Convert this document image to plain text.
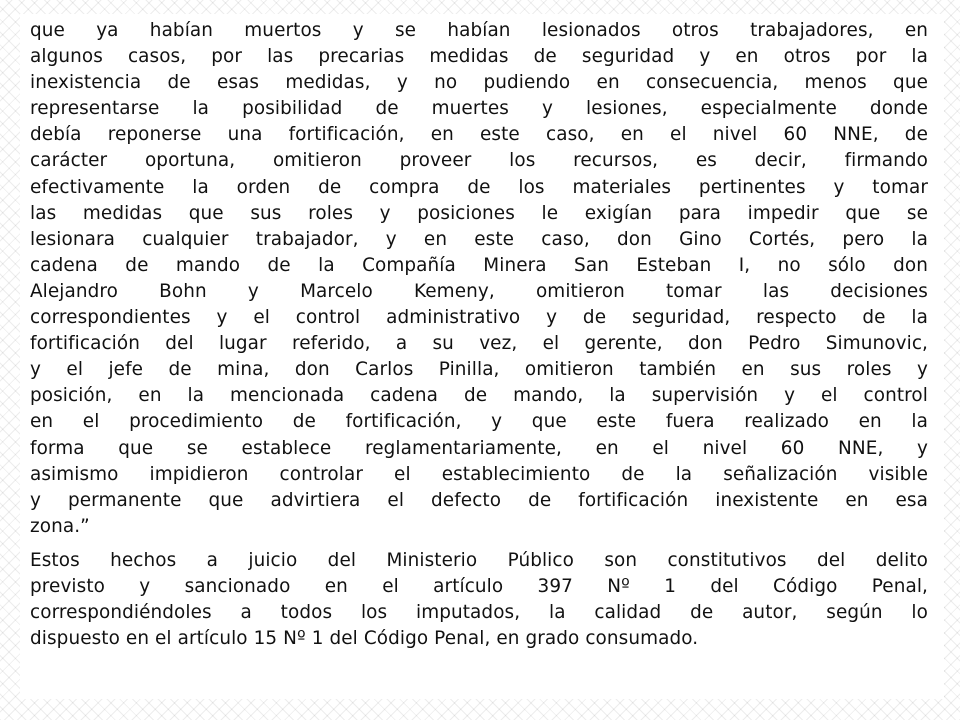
que ya habían muertos y se habían lesionados otros trabajadores, en
algunos casos, por las precarias medidas de seguridad y en otros por la
inexistencia de esas medidas, y no pudiendo en consecuencia, menos que
representarse la posibilidad de muertes y lesiones, especialmente donde
debía reponerse una fortificación, en este caso, en el nivel 60 NNE, de
carácter oportuna, omitieron proveer los recursos, es decir, firmando
efectivamente la orden de compra de los materiales pertinentes y tomar
las medidas que sus roles y posiciones le exigían para impedir que se
lesionara cualquier trabajador, y en este caso, don Gino Cortés, pero la
cadena de mando de la Compañía Minera San Esteban I, no sólo don
Alejandro Bohn y Marcelo Kemeny, omitieron tomar las decisiones
correspondientes y el control administrativo y de seguridad, respecto de la
fortificación del lugar referido, a su vez, el gerente, don Pedro Simunovic,
y el jefe de mina, don Carlos Pinilla, omitieron también en sus roles y
posición, en la mencionada cadena de mando, la supervisión y el control
en el procedimiento de fortificación, y que este fuera realizado en la
forma que se establece reglamentariamente, en el nivel 60 NNE, y
asimismo impidieron controlar el establecimiento de la señalización visible
y permanente que advirtiera el defecto de fortificación inexistente en esa
zona.”
Estos hechos a juicio del Ministerio Público son constitutivos del delito
previsto y sancionado en el artículo 397 Nº 1 del Código Penal,
correspondiéndoles a todos los imputados, la calidad de autor, según lo
dispuesto en el artículo 15 Nº 1 del Código Penal, en grado consumado.
